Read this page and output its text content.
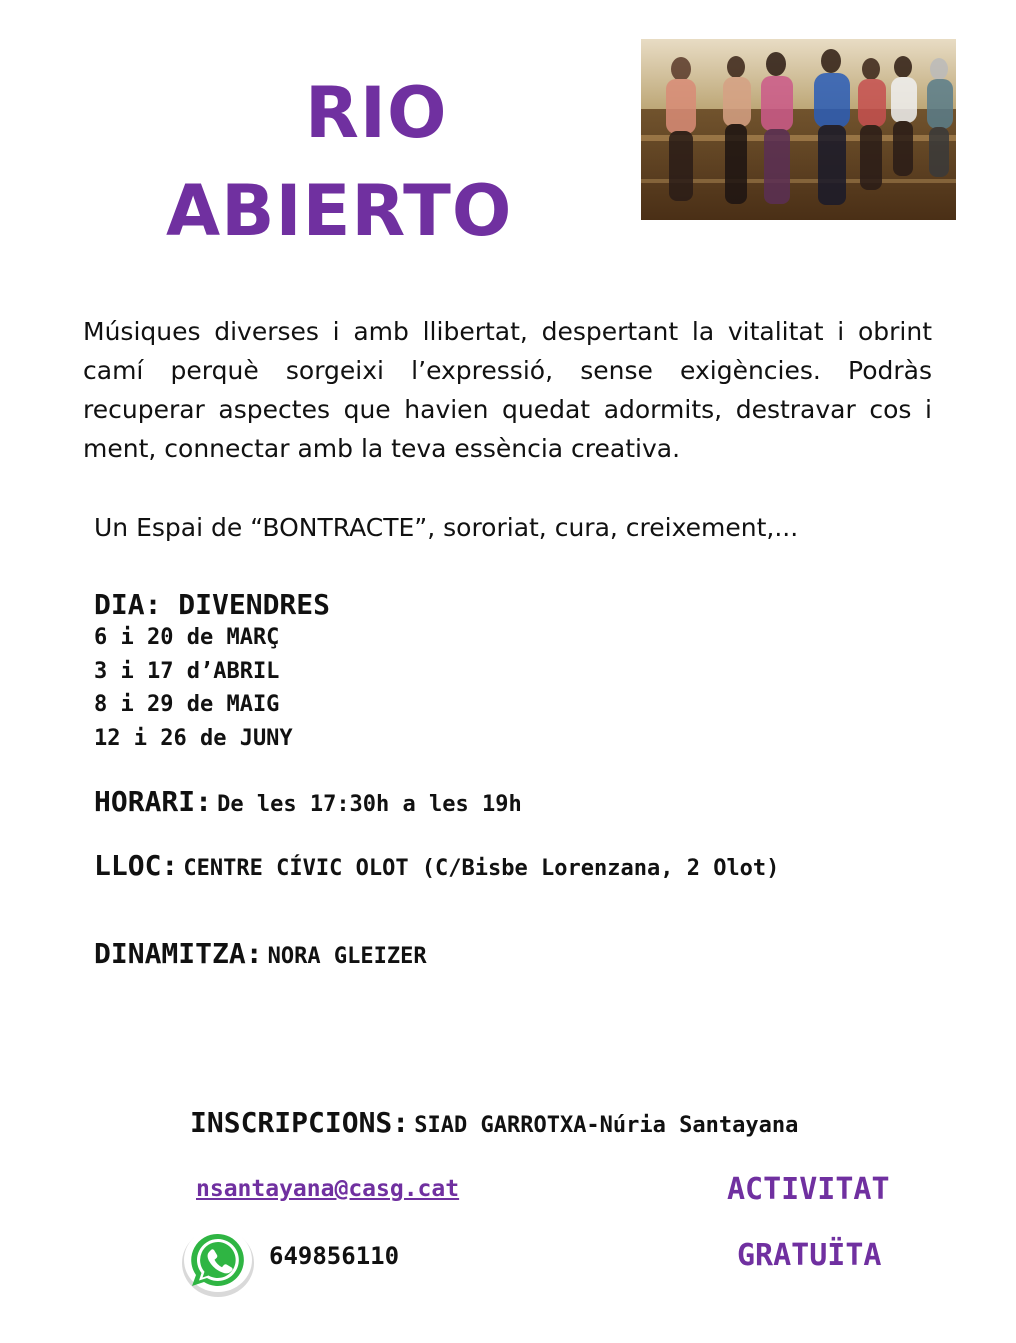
RIO
ABIERTO
Músiques diverses i amb llibertat, despertant la vitalitat i obrint camí perquè sorgeixi l’expressió, sense exigències. Podràs recuperar aspectes que havien quedat adormits, destravar cos i ment, connectar amb la teva essència creativa.
Un Espai de “BONTRACTE”, sororiat, cura, creixement,...
DIA: DIVENDRES
6 i 20 de MARÇ
3 i 17 d’ABRIL
8 i 29 de MAIG
12 i 26 de JUNY
HORARI: De les 17:30h a les 19h
LLOC: CENTRE CÍVIC OLOT (C/Bisbe Lorenzana, 2 Olot)
DINAMITZA: NORA GLEIZER
INSCRIPCIONS: SIAD GARROTXA-Núria Santayana
nsantayana@casg.cat
649856110
ACTIVITAT
GRATUÏTA
